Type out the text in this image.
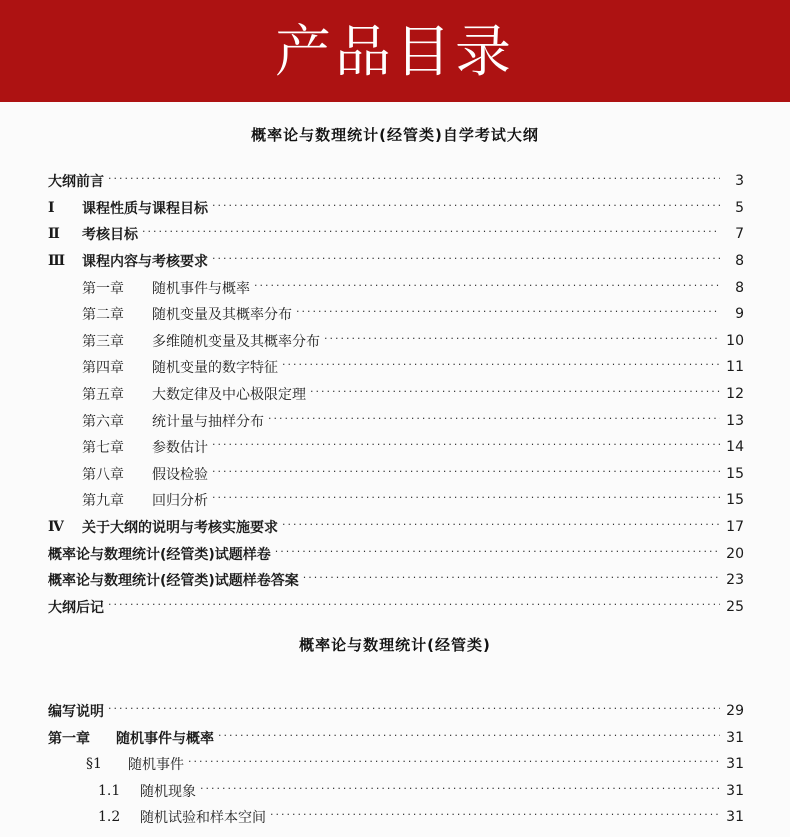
产品目录
概率论与数理统计(经管类)自学考试大纲
大纲前言 ·····	3
Ⅰ	课程性质与课程目标 ·····	5
Ⅱ	考核目标 ·····	7
Ⅲ	课程内容与考核要求 ·····	8
第一章	随机事件与概率 ·····	8
第二章	随机变量及其概率分布 ·····	9
第三章	多维随机变量及其概率分布 ·····	10
第四章	随机变量的数字特征 ·····	11
第五章	大数定律及中心极限定理 ·····	12
第六章	统计量与抽样分布 ·····	13
第七章	参数估计 ·····	14
第八章	假设检验 ·····	15
第九章	回归分析 ·····	15
Ⅳ	关于大纲的说明与考核实施要求 ·····	17
概率论与数理统计(经管类)试题样卷 ·····	20
概率论与数理统计(经管类)试题样卷答案 ·····	23
大纲后记 ·····	25
概率论与数理统计(经管类)
编写说明 ·····	29
第一章	随机事件与概率 ·····	31
§1	随机事件 ·····	31
1.1	随机现象 ·····	31
1.2	随机试验和样本空间 ·····	31
